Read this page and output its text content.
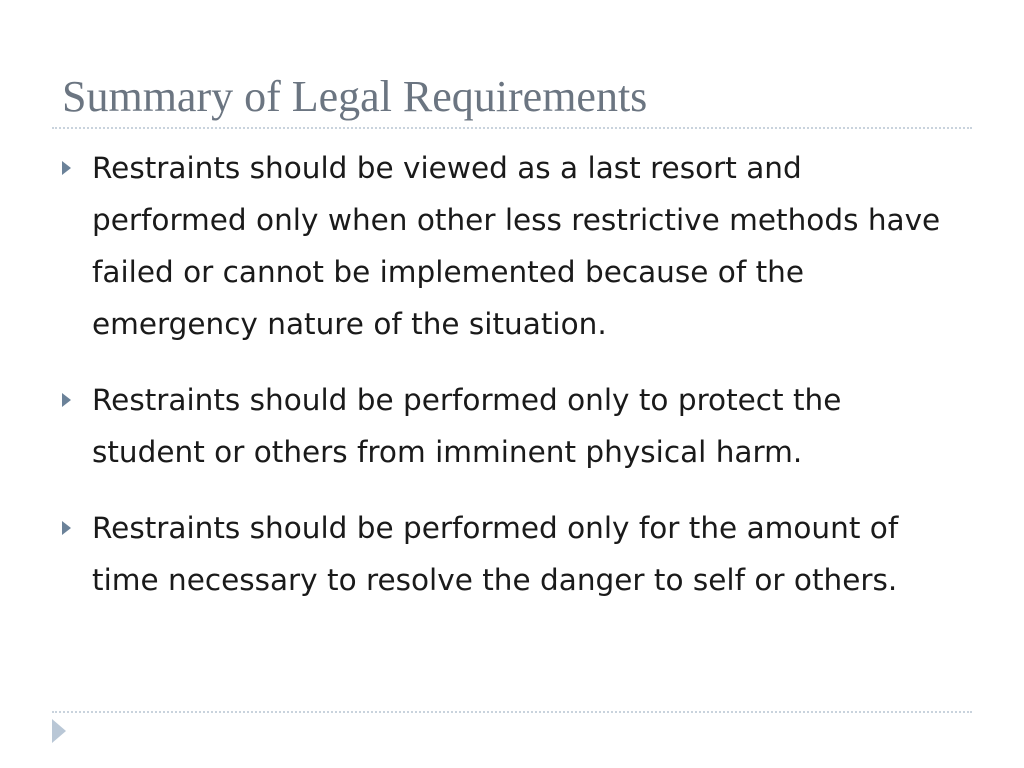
Summary of Legal Requirements
Restraints should be viewed as a last resort and performed only when other less restrictive methods have failed or cannot be implemented because of the emergency nature of the situation.
Restraints should be performed only to protect the student or others from imminent physical harm.
Restraints should be performed only for the amount of time necessary to resolve the danger to self or others.
